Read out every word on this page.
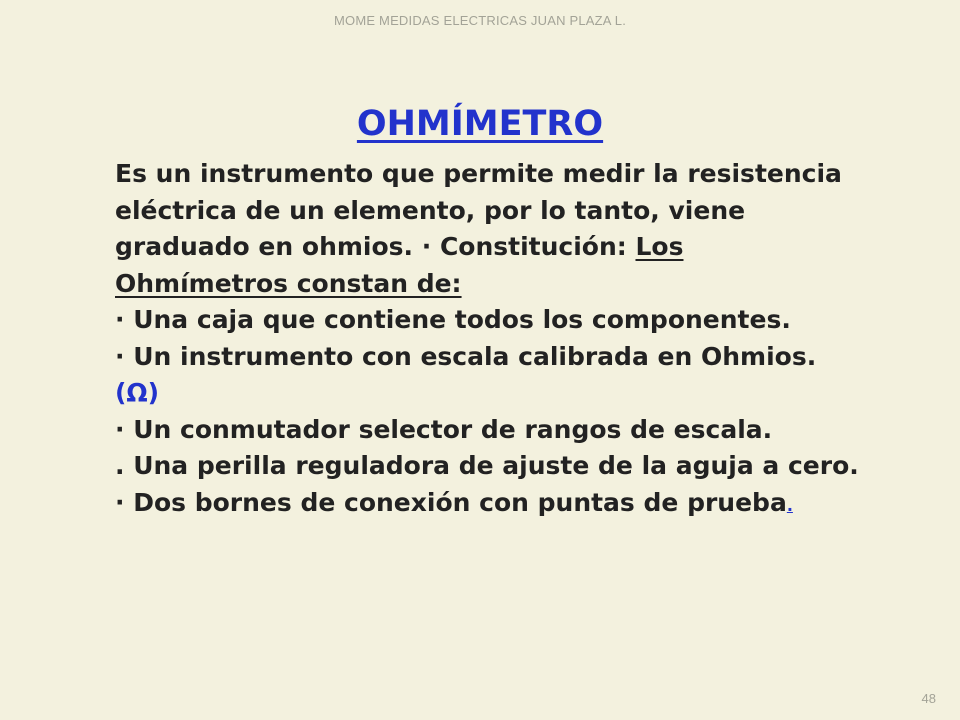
MOME MEDIDAS ELECTRICAS JUAN PLAZA L.
OHMÍMETRO

Es un instrumento que permite medir la resistencia eléctrica de un elemento, por lo tanto, viene graduado en ohmios. · Constitución: Los Ohmímetros constan de:

· Una caja que contiene todos los componentes.

· Un instrumento con escala calibrada en Ohmios. (Ω)

· Un conmutador selector de rangos de escala.

. Una perilla reguladora de ajuste de la aguja a cero.

· Dos bornes de conexión con puntas de prueba.

48
